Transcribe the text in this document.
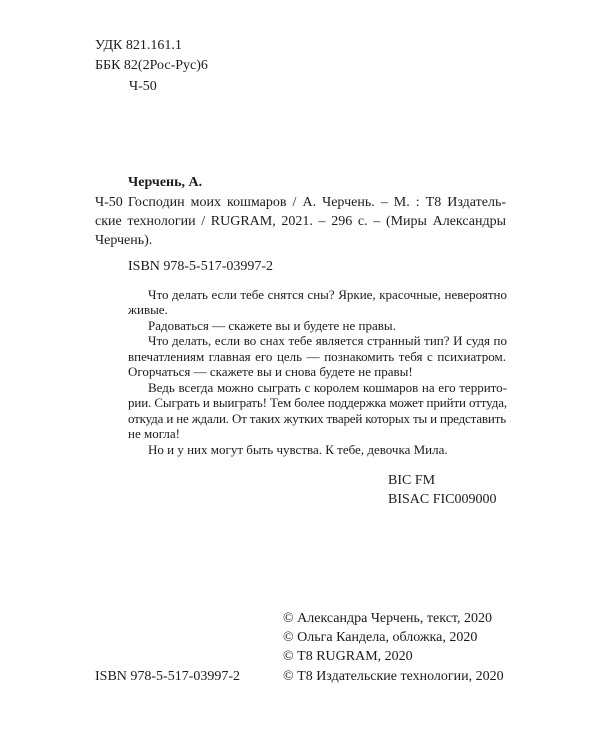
УДК 821.161.1
ББК 82(2Рос-Рус)6
Ч-50
Черчень, А.
Ч-50 Господин моих кошмаров / А. Черчень. – М. : Т8 Издатель-
ские технологии / RUGRAM, 2021. – 296 с. – (Миры Александры
Черчень).
ISBN 978-5-517-03997-2
Что делать если тебе снятся сны? Яркие, красочные, невероятно
живые.
Радоваться — скажете вы и будете не правы.
Что делать, если во снах тебе является странный тип? И судя по
впечатлениям главная его цель — познакомить тебя с психиатром.
Огорчаться — скажете вы и снова будете не правы!
Ведь всегда можно сыграть с королем кошмаров на его террито-
рии. Сыграть и выиграть! Тем более поддержка может прийти оттуда,
откуда и не ждали. От таких жутких тварей которых ты и представить
не могла!
Но и у них могут быть чувства. К тебе, девочка Мила.
BIC FM
BISAC FIC009000
© Александра Черчень, текст, 2020
© Ольга Кандела, обложка, 2020
© Т8 RUGRAM, 2020
© Т8 Издательские технологии, 2020
ISBN 978-5-517-03997-2
